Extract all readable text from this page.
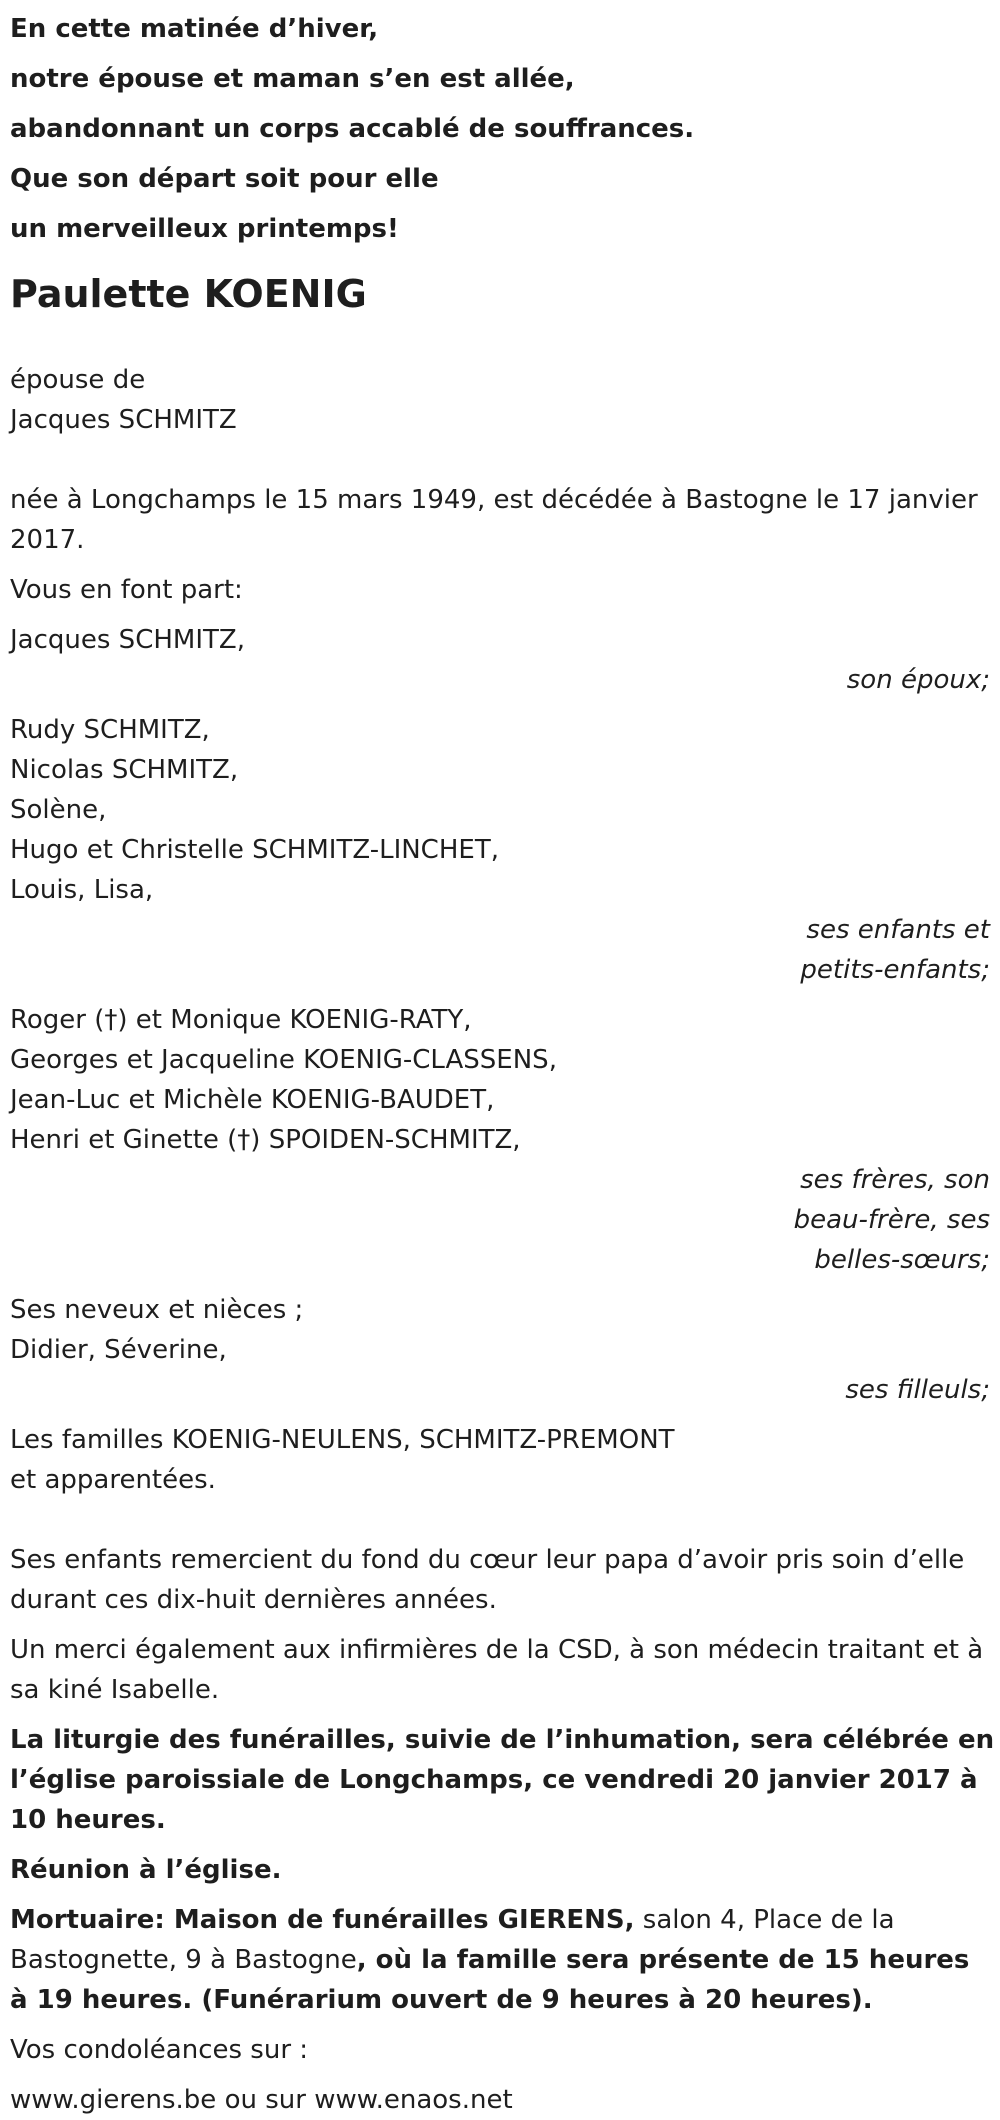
En cette matinée d’hiver,

notre épouse et maman s’en est allée,

abandonnant un corps accablé de souffrances.

Que son départ soit pour elle

un merveilleux printemps!

Paulette KOENIG

épouse de

Jacques SCHMITZ

née à Longchamps le 15 mars 1949, est décédée à Bastogne le 17 janvier 2017.

Vous en font part:

Jacques SCHMITZ,

son époux;

Rudy SCHMITZ,

Nicolas SCHMITZ,

Solène,

Hugo et Christelle SCHMITZ-LINCHET,

Louis, Lisa,

ses enfants et petits-enfants;

Roger (†) et Monique KOENIG-RATY,

Georges et Jacqueline KOENIG-CLASSENS,

Jean-Luc et Michèle KOENIG-BAUDET,

Henri et Ginette (†) SPOIDEN-SCHMITZ,

ses frères, son beau-frère, ses belles-sœurs;

Ses neveux et nièces ;

Didier, Séverine,

ses filleuls;

Les familles KOENIG-NEULENS, SCHMITZ-PREMONT

et apparentées.

Ses enfants remercient du fond du cœur leur papa d’avoir pris soin d’elle durant ces dix-huit dernières années.

Un merci également aux infirmières de la CSD, à son médecin traitant et à sa kiné Isabelle.

La liturgie des funérailles, suivie de l’inhumation, sera célébrée en l’église paroissiale de Longchamps, ce vendredi 20 janvier 2017 à 10 heures.

Réunion à l’église.

Mortuaire: Maison de funérailles GIERENS, salon 4, Place de la Bastognette, 9 à Bastogne, où la famille sera présente de 15 heures à 19 heures. (Funérarium ouvert de 9 heures à 20 heures).

Vos condoléances sur :

www.gierens.be ou sur www.enaos.net
